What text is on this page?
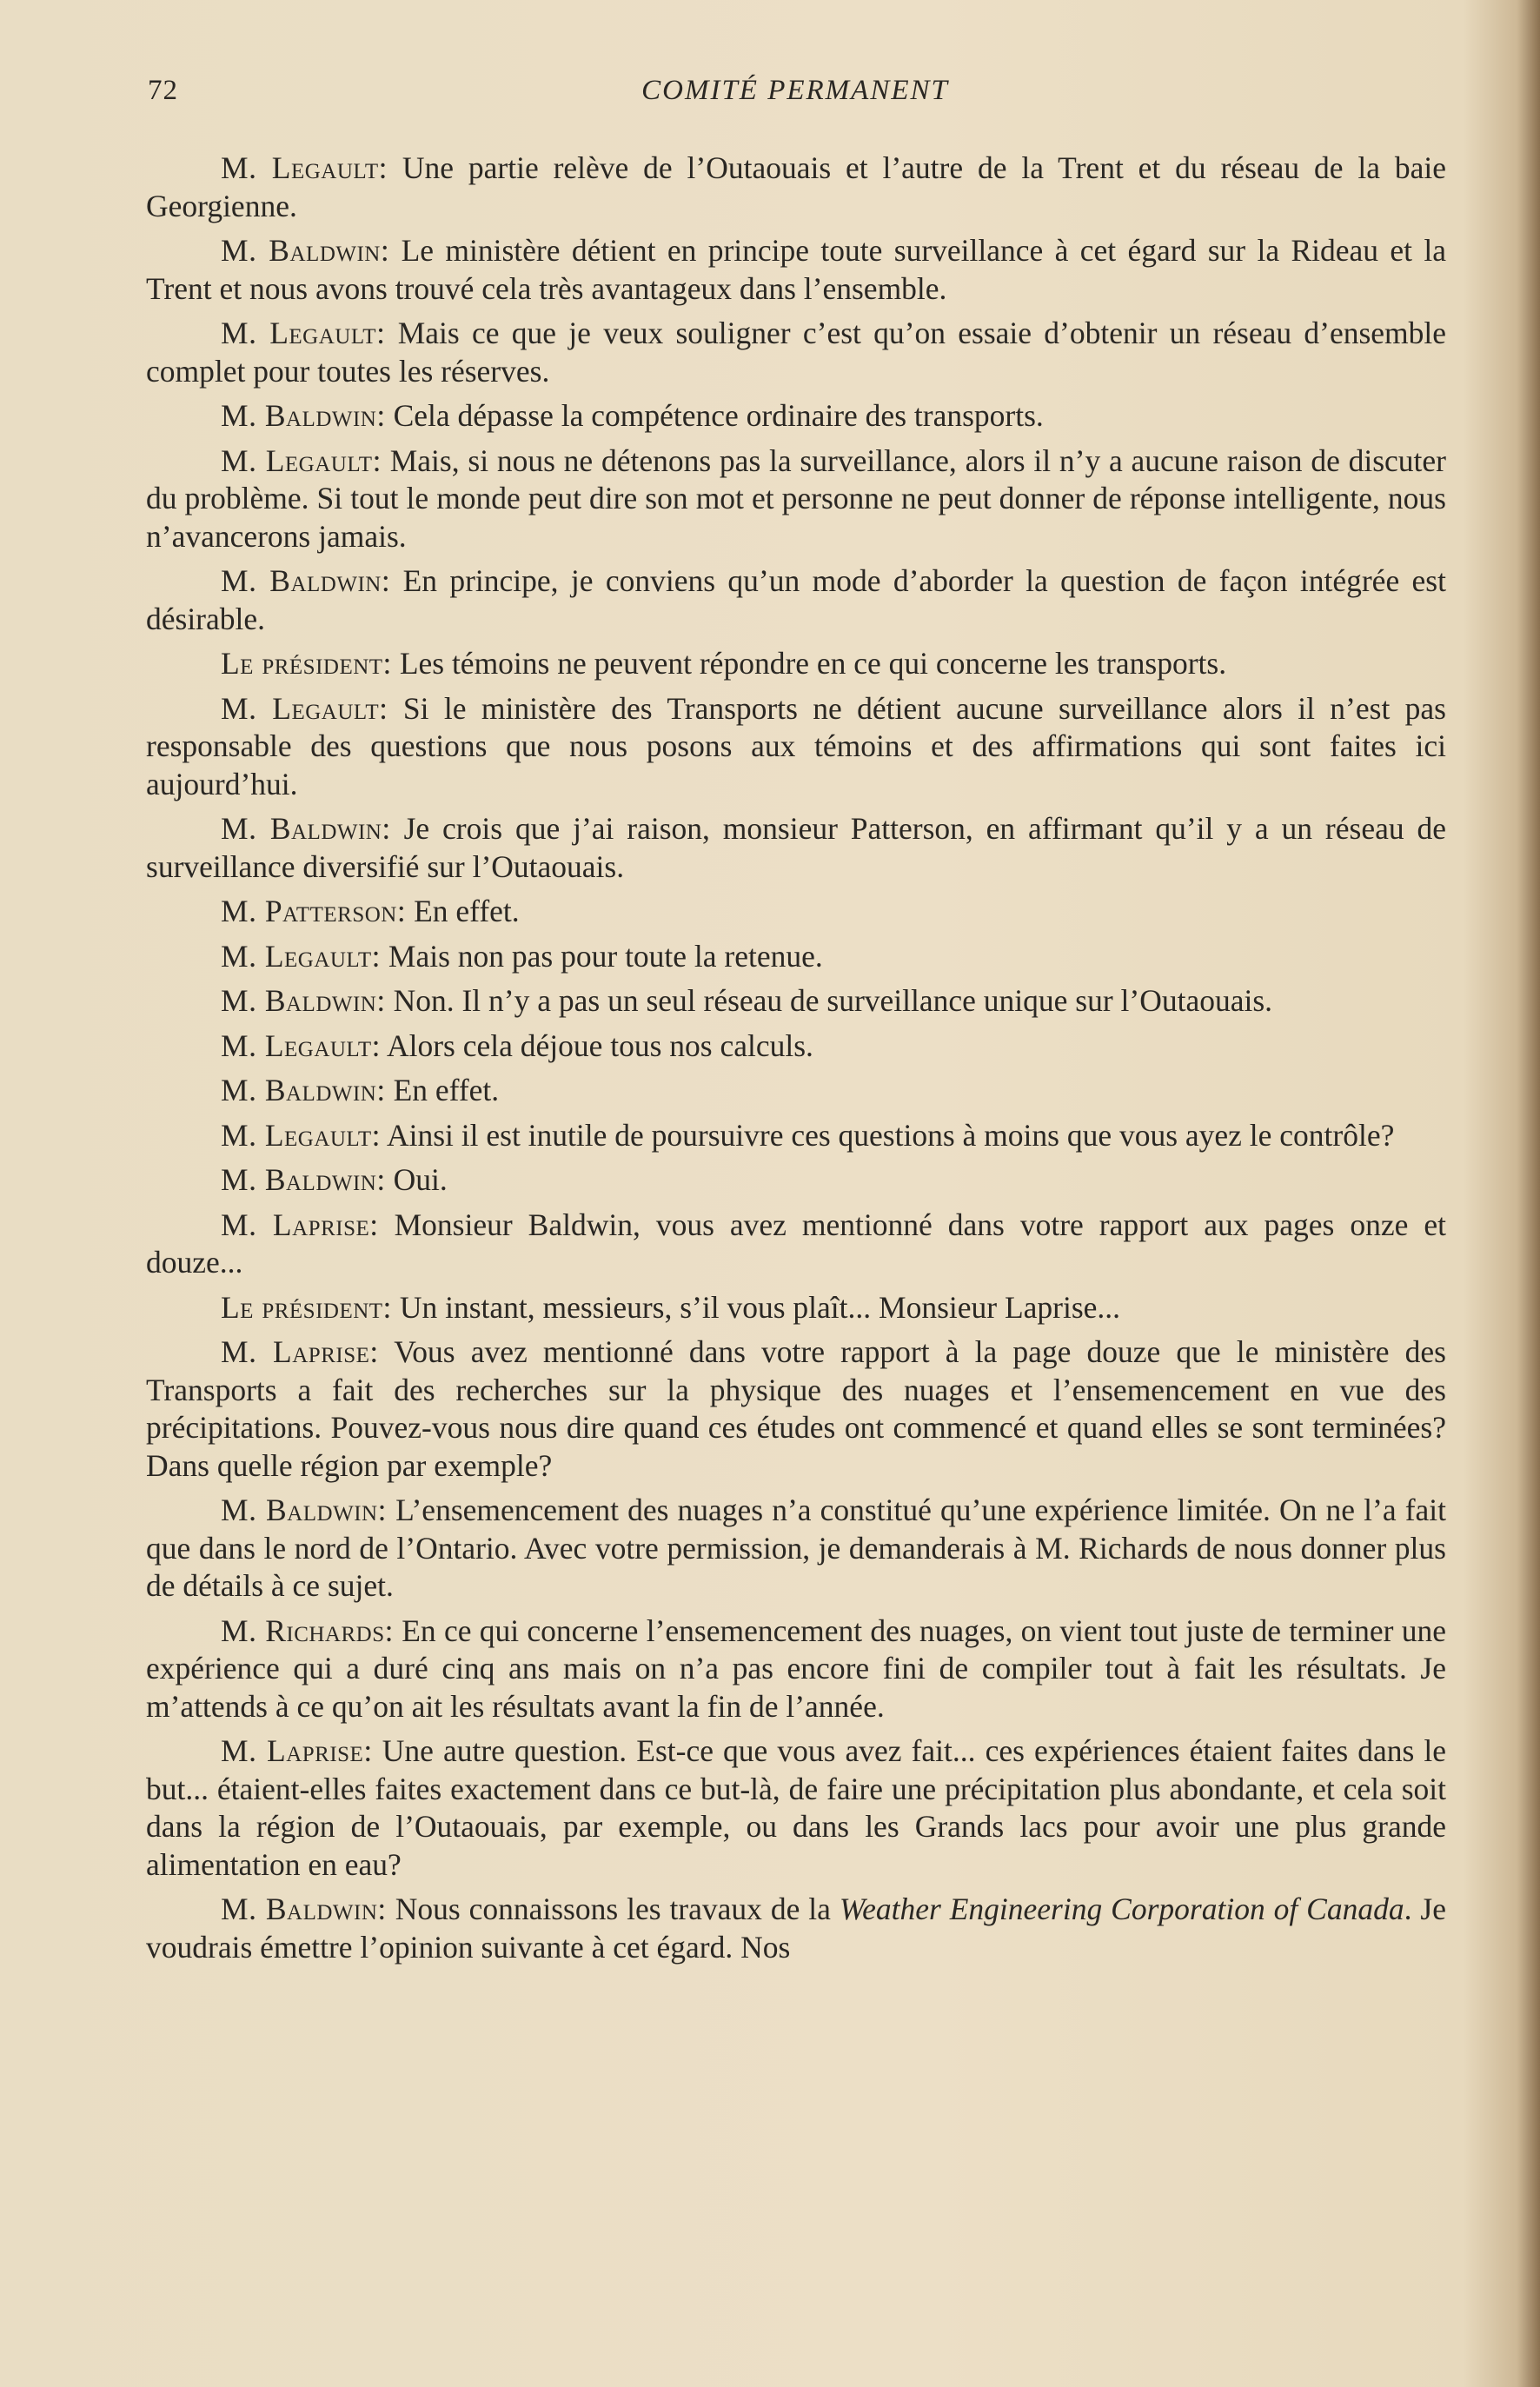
72	COMITÉ PERMANENT

M. Legault: Une partie relève de l’Outaouais et l’autre de la Trent et du réseau de la baie Georgienne.

M. Baldwin: Le ministère détient en principe toute surveillance à cet égard sur la Rideau et la Trent et nous avons trouvé cela très avantageux dans l’ensemble.

M. Legault: Mais ce que je veux souligner c’est qu’on essaie d’obtenir un réseau d’ensemble complet pour toutes les réserves.

M. Baldwin: Cela dépasse la compétence ordinaire des transports.

M. Legault: Mais, si nous ne détenons pas la surveillance, alors il n’y a aucune raison de discuter du problème. Si tout le monde peut dire son mot et personne ne peut donner de réponse intelligente, nous n’avancerons jamais.

M. Baldwin: En principe, je conviens qu’un mode d’aborder la question de façon intégrée est désirable.

Le président: Les témoins ne peuvent répondre en ce qui concerne les transports.

M. Legault: Si le ministère des Transports ne détient aucune surveillance alors il n’est pas responsable des questions que nous posons aux témoins et des affirmations qui sont faites ici aujourd’hui.

M. Baldwin: Je crois que j’ai raison, monsieur Patterson, en affirmant qu’il y a un réseau de surveillance diversifié sur l’Outaouais.

M. Patterson: En effet.

M. Legault: Mais non pas pour toute la retenue.

M. Baldwin: Non. Il n’y a pas un seul réseau de surveillance unique sur l’Outaouais.

M. Legault: Alors cela déjoue tous nos calculs.

M. Baldwin: En effet.

M. Legault: Ainsi il est inutile de poursuivre ces questions à moins que vous ayez le contrôle?

M. Baldwin: Oui.

M. Laprise: Monsieur Baldwin, vous avez mentionné dans votre rapport aux pages onze et douze...

Le président: Un instant, messieurs, s’il vous plaît... Monsieur Laprise...

M. Laprise: Vous avez mentionné dans votre rapport à la page douze que le ministère des Transports a fait des recherches sur la physique des nuages et l’ensemencement en vue des précipitations. Pouvez-vous nous dire quand ces études ont commencé et quand elles se sont terminées? Dans quelle région par exemple?

M. Baldwin: L’ensemencement des nuages n’a constitué qu’une expérience limitée. On ne l’a fait que dans le nord de l’Ontario. Avec votre permission, je demanderais à M. Richards de nous donner plus de détails à ce sujet.

M. Richards: En ce qui concerne l’ensemencement des nuages, on vient tout juste de terminer une expérience qui a duré cinq ans mais on n’a pas encore fini de compiler tout à fait les résultats. Je m’attends à ce qu’on ait les résultats avant la fin de l’année.

M. Laprise: Une autre question. Est-ce que vous avez fait... ces expériences étaient faites dans le but... étaient-elles faites exactement dans ce but-là, de faire une précipitation plus abondante, et cela soit dans la région de l’Outaouais, par exemple, ou dans les Grands lacs pour avoir une plus grande alimentation en eau?

M. Baldwin: Nous connaissons les travaux de la Weather Engineering Corporation of Canada. Je voudrais émettre l’opinion suivante à cet égard. Nos
